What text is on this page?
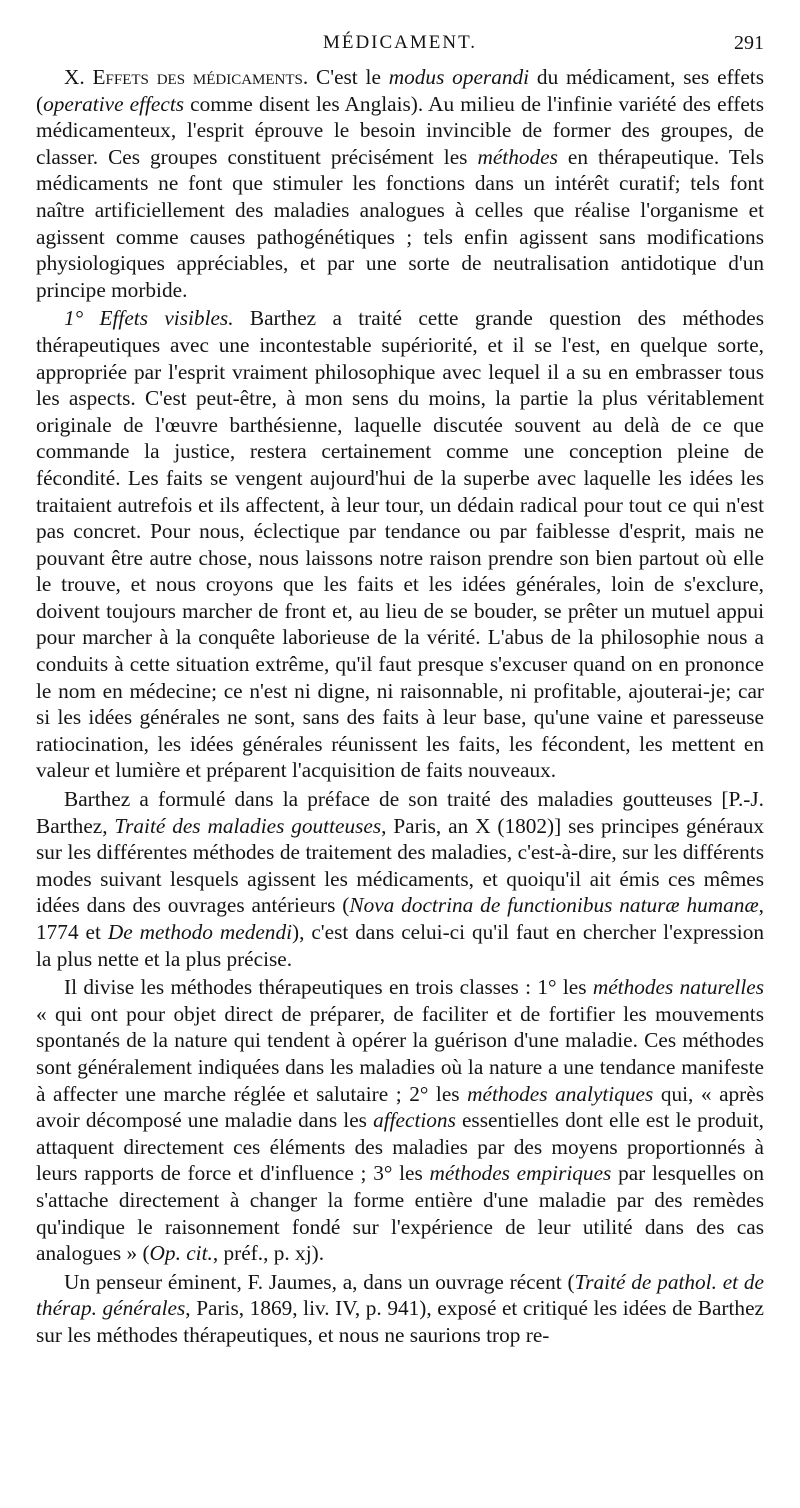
MÉDICAMENT.	291

X. Effets des médicaments. C'est le modus operandi du médicament, ses effets (operative effects comme disent les Anglais). Au milieu de l'infinie variété des effets médicamenteux, l'esprit éprouve le besoin invincible de former des groupes, de classer. Ces groupes constituent précisément les méthodes en thérapeutique. Tels médicaments ne font que stimuler les fonctions dans un intérêt curatif; tels font naître artificiellement des maladies analogues à celles que réalise l'organisme et agissent comme causes pathogénétiques ; tels enfin agissent sans modifications physiologiques appréciables, et par une sorte de neutralisation antidotique d'un principe morbide.

1° Effets visibles. Barthez a traité cette grande question des méthodes thérapeutiques avec une incontestable supériorité, et il se l'est, en quelque sorte, appropriée par l'esprit vraiment philosophique avec lequel il a su en embrasser tous les aspects. C'est peut-être, à mon sens du moins, la partie la plus véritablement originale de l'œuvre barthésienne, laquelle discutée souvent au delà de ce que commande la justice, restera certainement comme une conception pleine de fécondité. Les faits se vengent aujourd'hui de la superbe avec laquelle les idées les traitaient autrefois et ils affectent, à leur tour, un dédain radical pour tout ce qui n'est pas concret. Pour nous, éclectique par tendance ou par faiblesse d'esprit, mais ne pouvant être autre chose, nous laissons notre raison prendre son bien partout où elle le trouve, et nous croyons que les faits et les idées générales, loin de s'exclure, doivent toujours marcher de front et, au lieu de se bouder, se prêter un mutuel appui pour marcher à la conquête laborieuse de la vérité. L'abus de la philosophie nous a conduits à cette situation extrême, qu'il faut presque s'excuser quand on en prononce le nom en médecine; ce n'est ni digne, ni raisonnable, ni profitable, ajouterai-je; car si les idées générales ne sont, sans des faits à leur base, qu'une vaine et paresseuse ratiocination, les idées générales réunissent les faits, les fécondent, les mettent en valeur et lumière et préparent l'acquisition de faits nouveaux.

Barthez a formulé dans la préface de son traité des maladies goutteuses [P.-J. Barthez, Traité des maladies goutteuses, Paris, an X (1802)] ses principes généraux sur les différentes méthodes de traitement des maladies, c'est-à-dire, sur les différents modes suivant lesquels agissent les médicaments, et quoiqu'il ait émis ces mêmes idées dans des ouvrages antérieurs (Nova doctrina de functionibus naturæ humanæ, 1774 et De methodo medendi), c'est dans celui-ci qu'il faut en chercher l'expression la plus nette et la plus précise.

Il divise les méthodes thérapeutiques en trois classes : 1° les méthodes naturelles « qui ont pour objet direct de préparer, de faciliter et de fortifier les mouvements spontanés de la nature qui tendent à opérer la guérison d'une maladie. Ces méthodes sont généralement indiquées dans les maladies où la nature a une tendance manifeste à affecter une marche réglée et salutaire ; 2° les méthodes analytiques qui, « après avoir décomposé une maladie dans les affections essentielles dont elle est le produit, attaquent directement ces éléments des maladies par des moyens proportionnés à leurs rapports de force et d'influence ; 3° les méthodes empiriques par lesquelles on s'attache directement à changer la forme entière d'une maladie par des remèdes qu'indique le raisonnement fondé sur l'expérience de leur utilité dans des cas analogues » (Op. cit., préf., p. xj).

Un penseur éminent, F. Jaumes, a, dans un ouvrage récent (Traité de pathol. et de thérap. générales, Paris, 1869, liv. IV, p. 941), exposé et critiqué les idées de Barthez sur les méthodes thérapeutiques, et nous ne saurions trop re-
